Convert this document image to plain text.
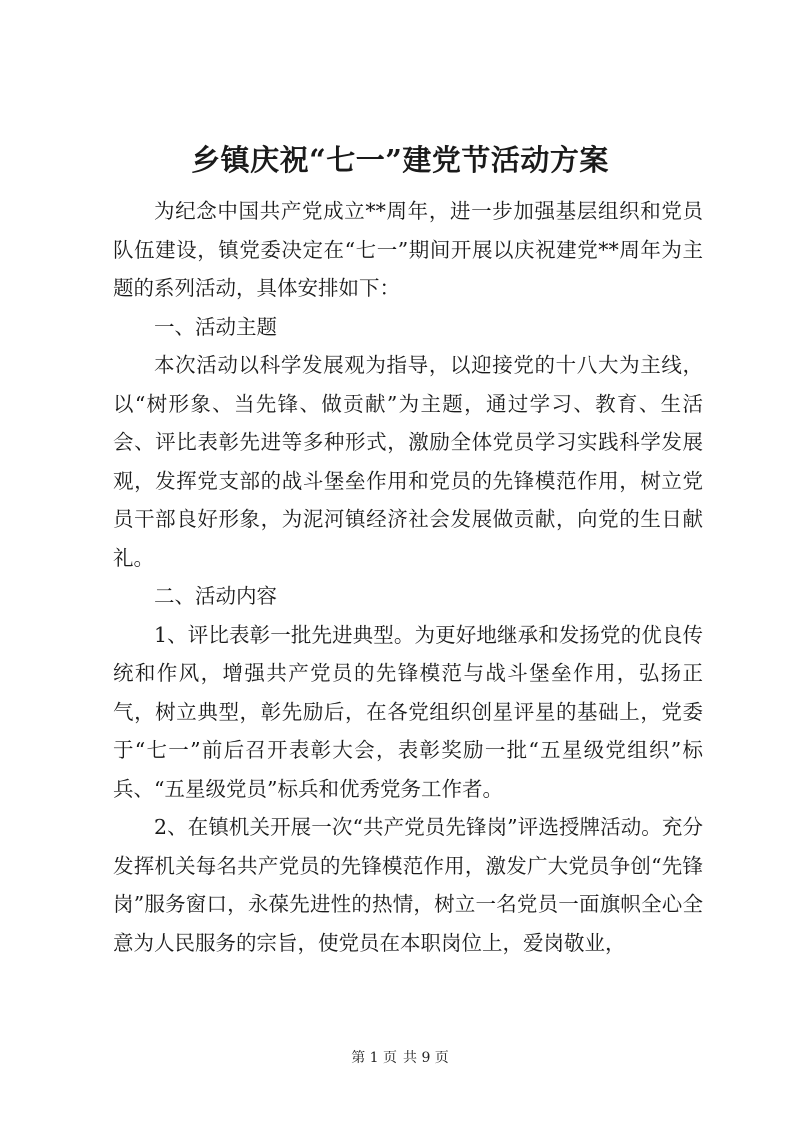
乡镇庆祝“七一”建党节活动方案

为纪念中国共产党成立**周年，进一步加强基层组织和党员队伍建设，镇党委决定在“七一”期间开展以庆祝建党**周年为主题的系列活动，具体安排如下：

一、活动主题

本次活动以科学发展观为指导，以迎接党的十八大为主线，以“树形象、当先锋、做贡献”为主题，通过学习、教育、生活会、评比表彰先进等多种形式，激励全体党员学习实践科学发展观，发挥党支部的战斗堡垒作用和党员的先锋模范作用，树立党员干部良好形象，为泥河镇经济社会发展做贡献，向党的生日献礼。

二、活动内容

1、评比表彰一批先进典型。为更好地继承和发扬党的优良传统和作风，增强共产党员的先锋模范与战斗堡垒作用，弘扬正气，树立典型，彰先励后，在各党组织创星评星的基础上，党委于“七一”前后召开表彰大会，表彰奖励一批“五星级党组织”标兵、“五星级党员”标兵和优秀党务工作者。

2、在镇机关开展一次“共产党员先锋岗”评选授牌活动。充分发挥机关每名共产党员的先锋模范作用，激发广大党员争创“先锋岗”服务窗口，永葆先进性的热情，树立一名党员一面旗帜全心全意为人民服务的宗旨，使党员在本职岗位上，爱岗敬业，

第 1 页 共 9 页
